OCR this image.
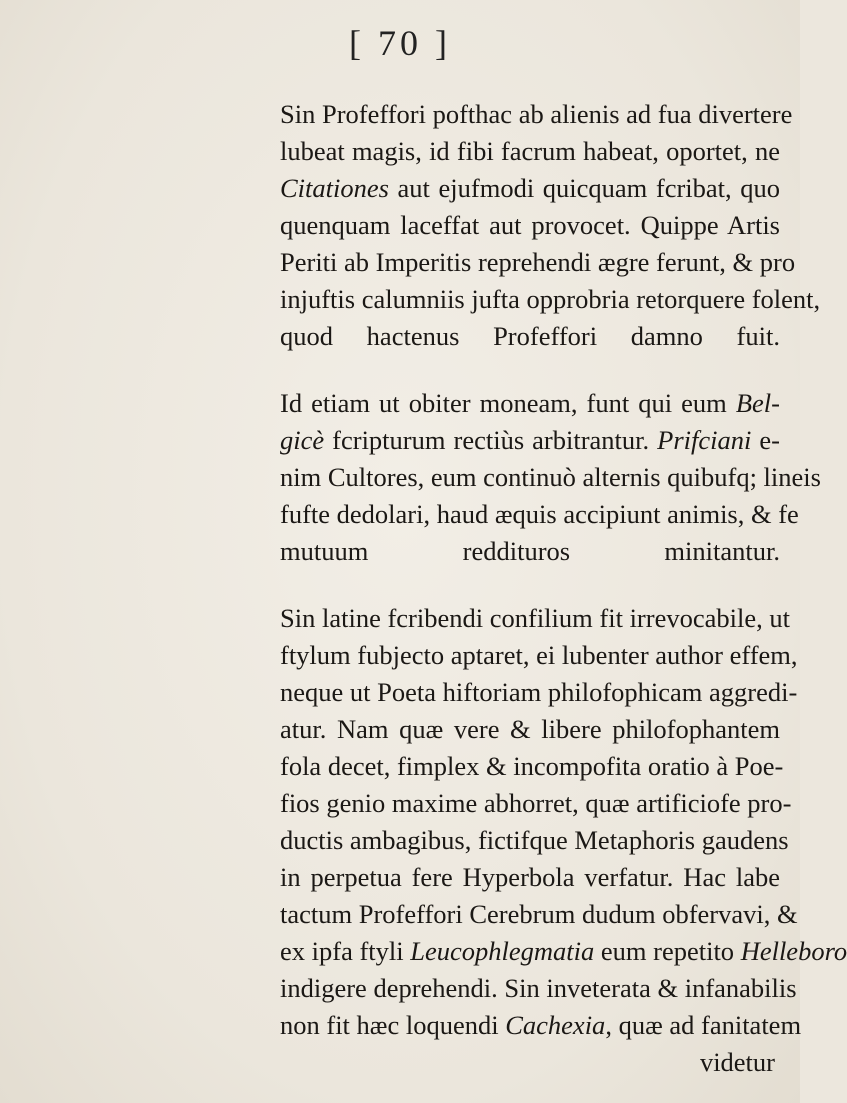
[ 70 ]
Sin Profeffori pofthac ab alienis ad fua divertere
lubeat magis, id fibi facrum habeat, oportet, ne
Citationes aut ejufmodi quicquam fcribat, quo
quenquam laceffat aut provocet. Quippe Artis
Periti ab Imperitis reprehendi ægre ferunt, & pro
injuftis calumniis jufta opprobria retorquere folent,
quod hactenus Profeffori damno fuit.
Id etiam ut obiter moneam, funt qui eum Bel-
gicè fcripturum rectiùs arbitrantur. Prifciani e-
nim Cultores, eum continuò alternis quibufq; lineis
fufte dedolari, haud æquis accipiunt animis, & fe
mutuum reddituros minitantur.
Sin latine fcribendi confilium fit irrevocabile, ut
ftylum fubjecto aptaret, ei lubenter author effem,
neque ut Poeta hiftoriam philofophicam aggredi-
atur. Nam quæ vere & libere philofophantem
fola decet, fimplex & incompofita oratio à Poe-
fios genio maxime abhorret, quæ artificiofe pro-
ductis ambagibus, fictifque Metaphoris gaudens
in perpetua fere Hyperbola verfatur. Hac labe
tactum Profeffori Cerebrum dudum obfervavi, &
ex ipfa ftyli Leucophlegmatia eum repetito Helleboro
indigere deprehendi. Sin inveterata & infanabilis
non fit hæc loquendi Cachexia, quæ ad fanitatem
videtur
